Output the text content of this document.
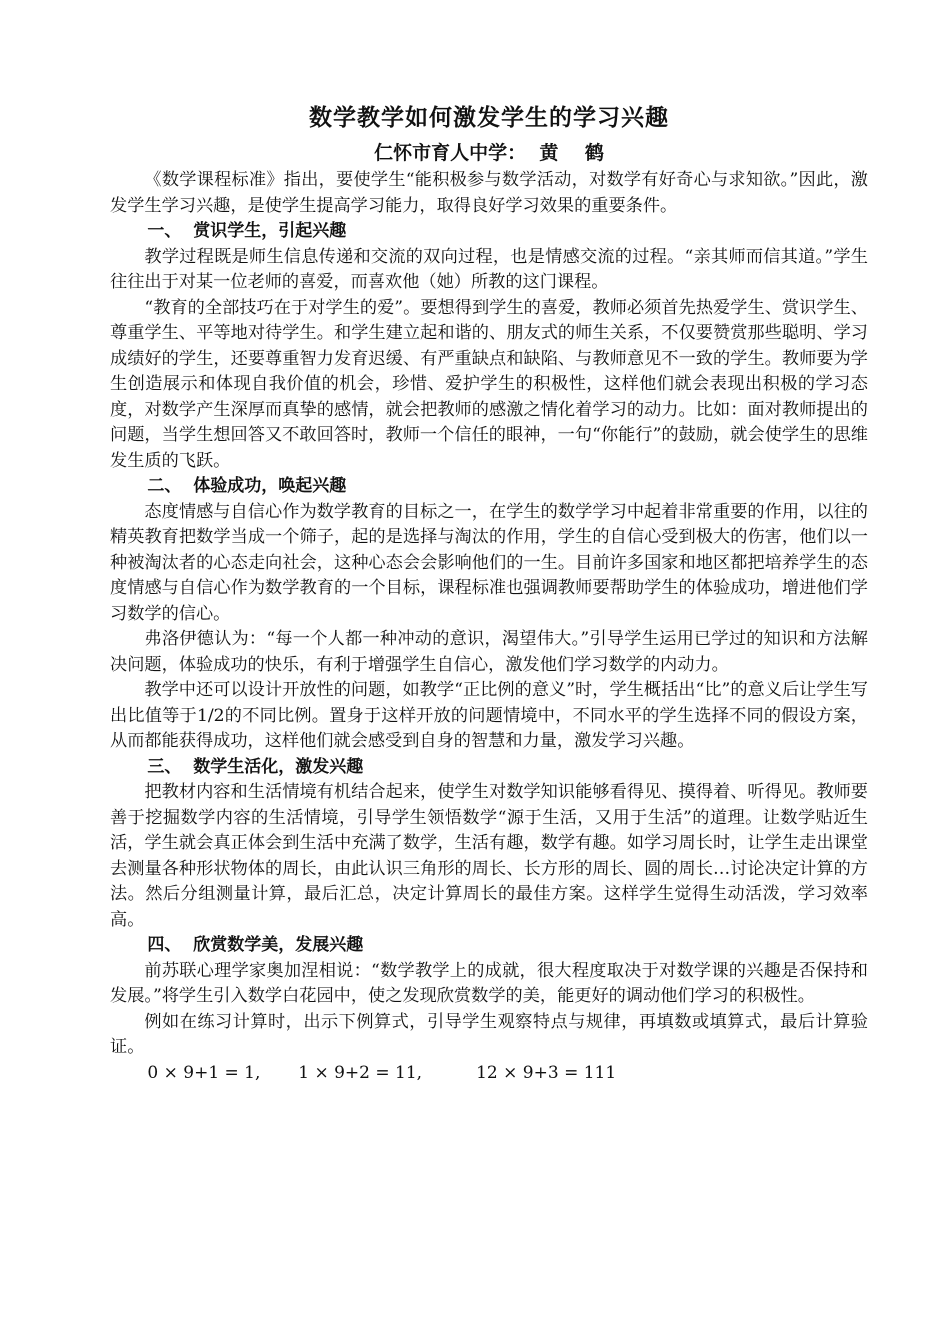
数学教学如何激发学生的学习兴趣
仁怀市育人中学：  黄    鹤

《数学课程标准》指出，要使学生“能积极参与数学活动，对数学有好奇心与求知欲。”因此，激发学生学习兴趣，是使学生提高学习能力，取得良好学习效果的重要条件。

一、  赏识学生，引起兴趣

教学过程既是师生信息传递和交流的双向过程，也是情感交流的过程。“亲其师而信其道。”学生往往出于对某一位老师的喜爱，而喜欢他（她）所教的这门课程。

“教育的全部技巧在于对学生的爱”。要想得到学生的喜爱，教师必须首先热爱学生、赏识学生、尊重学生、平等地对待学生。和学生建立起和谐的、朋友式的师生关系，不仅要赞赏那些聪明、学习成绩好的学生，还要尊重智力发育迟缓、有严重缺点和缺陷、与教师意见不一致的学生。教师要为学生创造展示和体现自我价值的机会，珍惜、爱护学生的积极性，这样他们就会表现出积极的学习态度，对数学产生深厚而真挚的感情，就会把教师的感激之情化着学习的动力。比如：面对教师提出的问题，当学生想回答又不敢回答时，教师一个信任的眼神，一句“你能行”的鼓励，就会使学生的思维发生质的飞跃。

二、  体验成功，唤起兴趣

态度情感与自信心作为数学教育的目标之一，在学生的数学学习中起着非常重要的作用，以往的精英教育把数学当成一个筛子，起的是选择与淘汰的作用，学生的自信心受到极大的伤害，他们以一种被淘汰者的心态走向社会，这种心态会会影响他们的一生。目前许多国家和地区都把培养学生的态度情感与自信心作为数学教育的一个目标，课程标准也强调教师要帮助学生的体验成功，增进他们学习数学的信心。

弗洛伊德认为：“每一个人都一种冲动的意识，渴望伟大。”引导学生运用已学过的知识和方法解决问题，体验成功的快乐，有利于增强学生自信心，激发他们学习数学的内动力。

教学中还可以设计开放性的问题，如教学“正比例的意义”时，学生概括出“比”的意义后让学生写出比值等于1/2的不同比例。置身于这样开放的问题情境中，不同水平的学生选择不同的假设方案，从而都能获得成功，这样他们就会感受到自身的智慧和力量，激发学习兴趣。

三、  数学生活化，激发兴趣

把教材内容和生活情境有机结合起来，使学生对数学知识能够看得见、摸得着、听得见。教师要善于挖掘数学内容的生活情境，引导学生领悟数学“源于生活，又用于生活”的道理。让数学贴近生活，学生就会真正体会到生活中充满了数学，生活有趣，数学有趣。如学习周长时，让学生走出课堂去测量各种形状物体的周长，由此认识三角形的周长、长方形的周长、圆的周长…讨论决定计算的方法。然后分组测量计算，最后汇总，决定计算周长的最佳方案。这样学生觉得生动活泼，学习效率高。

四、  欣赏数学美，发展兴趣

前苏联心理学家奥加涅相说：“数学教学上的成就，很大程度取决于对数学课的兴趣是否保持和发展。”将学生引入数学白花园中，使之发现欣赏数学的美，能更好的调动他们学习的积极性。

例如在练习计算时，出示下例算式，引导学生观察特点与规律，再填数或填算式，最后计算验证。

0 × 9+1 = 1,       1 × 9+2 = 11,          12 × 9+3 = 111
